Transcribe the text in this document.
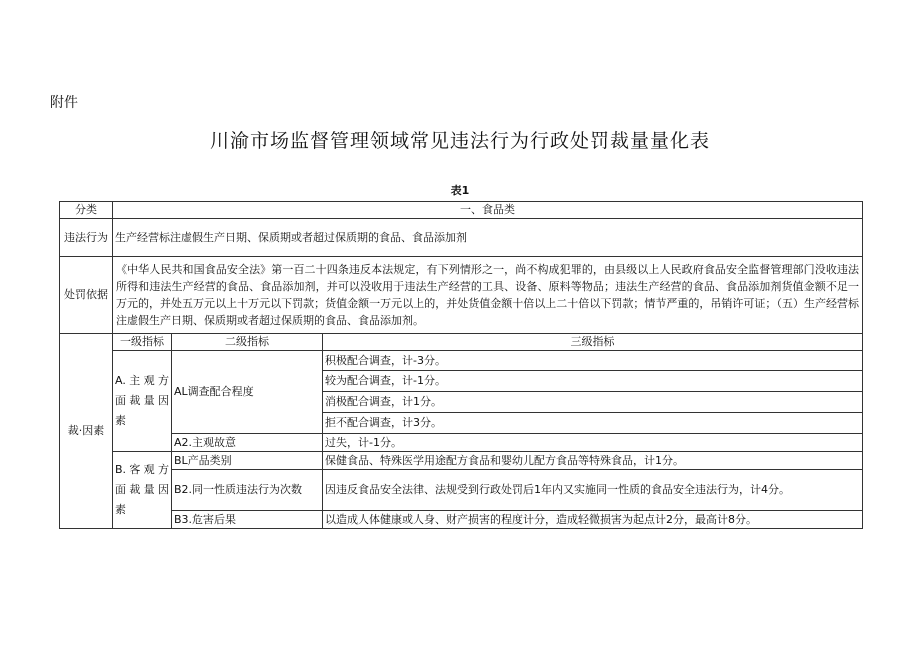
附件
川渝市场监督管理领域常见违法行为行政处罚裁量量化表
表1
分类	一、食品类		
违法行为	生产经营标注虚假生产日期、保质期或者超过保质期的食品、食品添加剂		
处罚依据	《中华人民共和国食品安全法》第一百二十四条违反本法规定，有下列情形之一，尚不构成犯罪的，由县级以上人民政府食品安全监督管理部门没收违法所得和违法生产经营的食品、食品添加剂，并可以没收用于违法生产经营的工具、设备、原料等物品；违法生产经营的食品、食品添加剂货值金额不足一万元的，并处五万元以上十万元以下罚款；货值金额一万元以上的，并处货值金额十倍以上二十倍以下罚款；情节严重的，吊销许可证；（五）生产经营标注虚假生产日期、保质期或者超过保质期的食品、食品添加剂。		
裁·因素	一级指标	二级指标	三级指标
	A.主观方面裁量因素	AL调查配合程度	积极配合调查，计-3分。
			较为配合调查，计-1分。
			消极配合调查，计1分。
			拒不配合调查，计3分。
		A2.主观故意	过失，计-1分。
	B.客观方面裁量因素	BL产品类别	保健食品、特殊医学用途配方食品和婴幼儿配方食品等特殊食品，计1分。
		B2.同一性质违法行为次数	因违反食品安全法律、法规受到行政处罚后1年内又实施同一性质的食品安全违法行为，计4分。
		B3.危害后果	以造成人体健康或人身、财产损害的程度计分，造成轻微损害为起点计2分，最高计8分。
